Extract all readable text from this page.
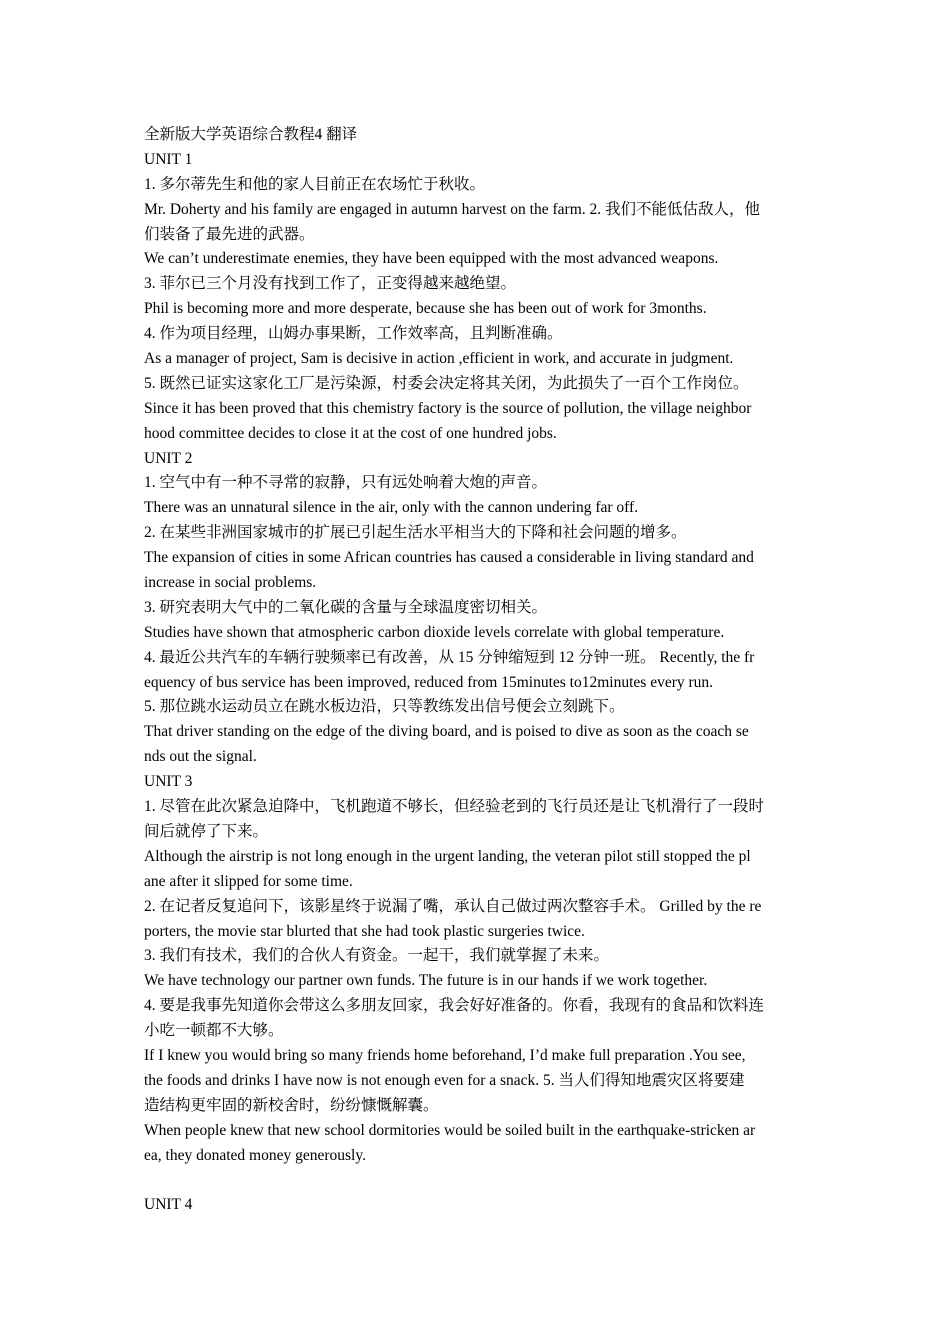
全新版大学英语综合教程4 翻译
UNIT 1
1. 多尔蒂先生和他的家人目前正在农场忙于秋收。
Mr. Doherty and his family are engaged in autumn harvest on the farm. 2. 我们不能低估敌人，他
们装备了最先进的武器。
We can’t underestimate enemies, they have been equipped with the most advanced weapons.
3. 菲尔已三个月没有找到工作了，正变得越来越绝望。
Phil is becoming more and more desperate, because she has been out of work for 3months.
4. 作为项目经理，山姆办事果断，工作效率高，且判断准确。
As a manager of project, Sam is decisive in action ,efficient in work, and accurate in judgment.
5. 既然已证实这家化工厂是污染源，村委会决定将其关闭，为此损失了一百个工作岗位。
Since it has been proved that this chemistry factory is the source of pollution, the village neighbor
hood committee decides to close it at the cost of one hundred jobs.
UNIT 2
1. 空气中有一种不寻常的寂静，只有远处响着大炮的声音。
There was an unnatural silence in the air, only with the cannon undering far off.
2. 在某些非洲国家城市的扩展已引起生活水平相当大的下降和社会问题的增多。
The expansion of cities in some African countries has caused a considerable in living standard and
increase in social problems.
3. 研究表明大气中的二氧化碳的含量与全球温度密切相关。
Studies have shown that atmospheric carbon dioxide levels correlate with global temperature.
4. 最近公共汽车的车辆行驶频率已有改善，从 15 分钟缩短到 12 分钟一班。 Recently, the fr
equency of bus service has been improved, reduced from 15minutes to12minutes every run.
5. 那位跳水运动员立在跳水板边沿，只等教练发出信号便会立刻跳下。
That driver standing on the edge of the diving board, and is poised to dive as soon as the coach se
nds out the signal.
UNIT 3
1. 尽管在此次紧急迫降中，飞机跑道不够长，但经验老到的飞行员还是让飞机滑行了一段时
间后就停了下来。
Although the airstrip is not long enough in the urgent landing, the veteran pilot still stopped the pl
ane after it slipped for some time.
2. 在记者反复追问下，该影星终于说漏了嘴，承认自己做过两次整容手术。 Grilled by the re
porters, the movie star blurted that she had took plastic surgeries twice.
3. 我们有技术，我们的合伙人有资金。一起干，我们就掌握了未来。
We have technology our partner own funds. The future is in our hands if we work together.
4. 要是我事先知道你会带这么多朋友回家，我会好好准备的。你看，我现有的食品和饮料连
小吃一顿都不大够。
If I knew you would bring so many friends home beforehand, I’d make full preparation .You see,
the foods and drinks I have now is not enough even for a snack. 5. 当人们得知地震灾区将要建
造结构更牢固的新校舍时，纷纷慷慨解囊。
When people knew that new school dormitories would be soiled built in the earthquake-stricken ar
ea, they donated money generously.
UNIT 4
